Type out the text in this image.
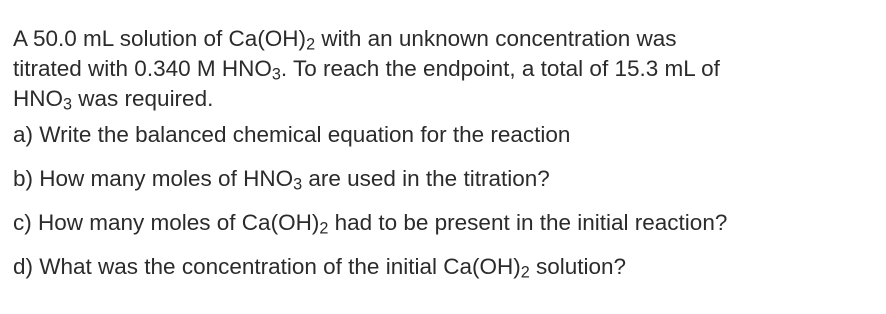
A 50.0 mL solution of $Ca(OH)_2$ with an unknown concentration was
titrated with 0.340 M $HNO_3$. To reach the endpoint, a total of 15.3 mL of
$HNO_3$ was required.
a) Write the balanced chemical equation for the reaction
b) How many moles of $HNO_3$ are used in the titration?
c) How many moles of $Ca(OH)_2$ had to be present in the initial reaction?
d) What was the concentration of the initial $Ca(OH)_2$ solution?
